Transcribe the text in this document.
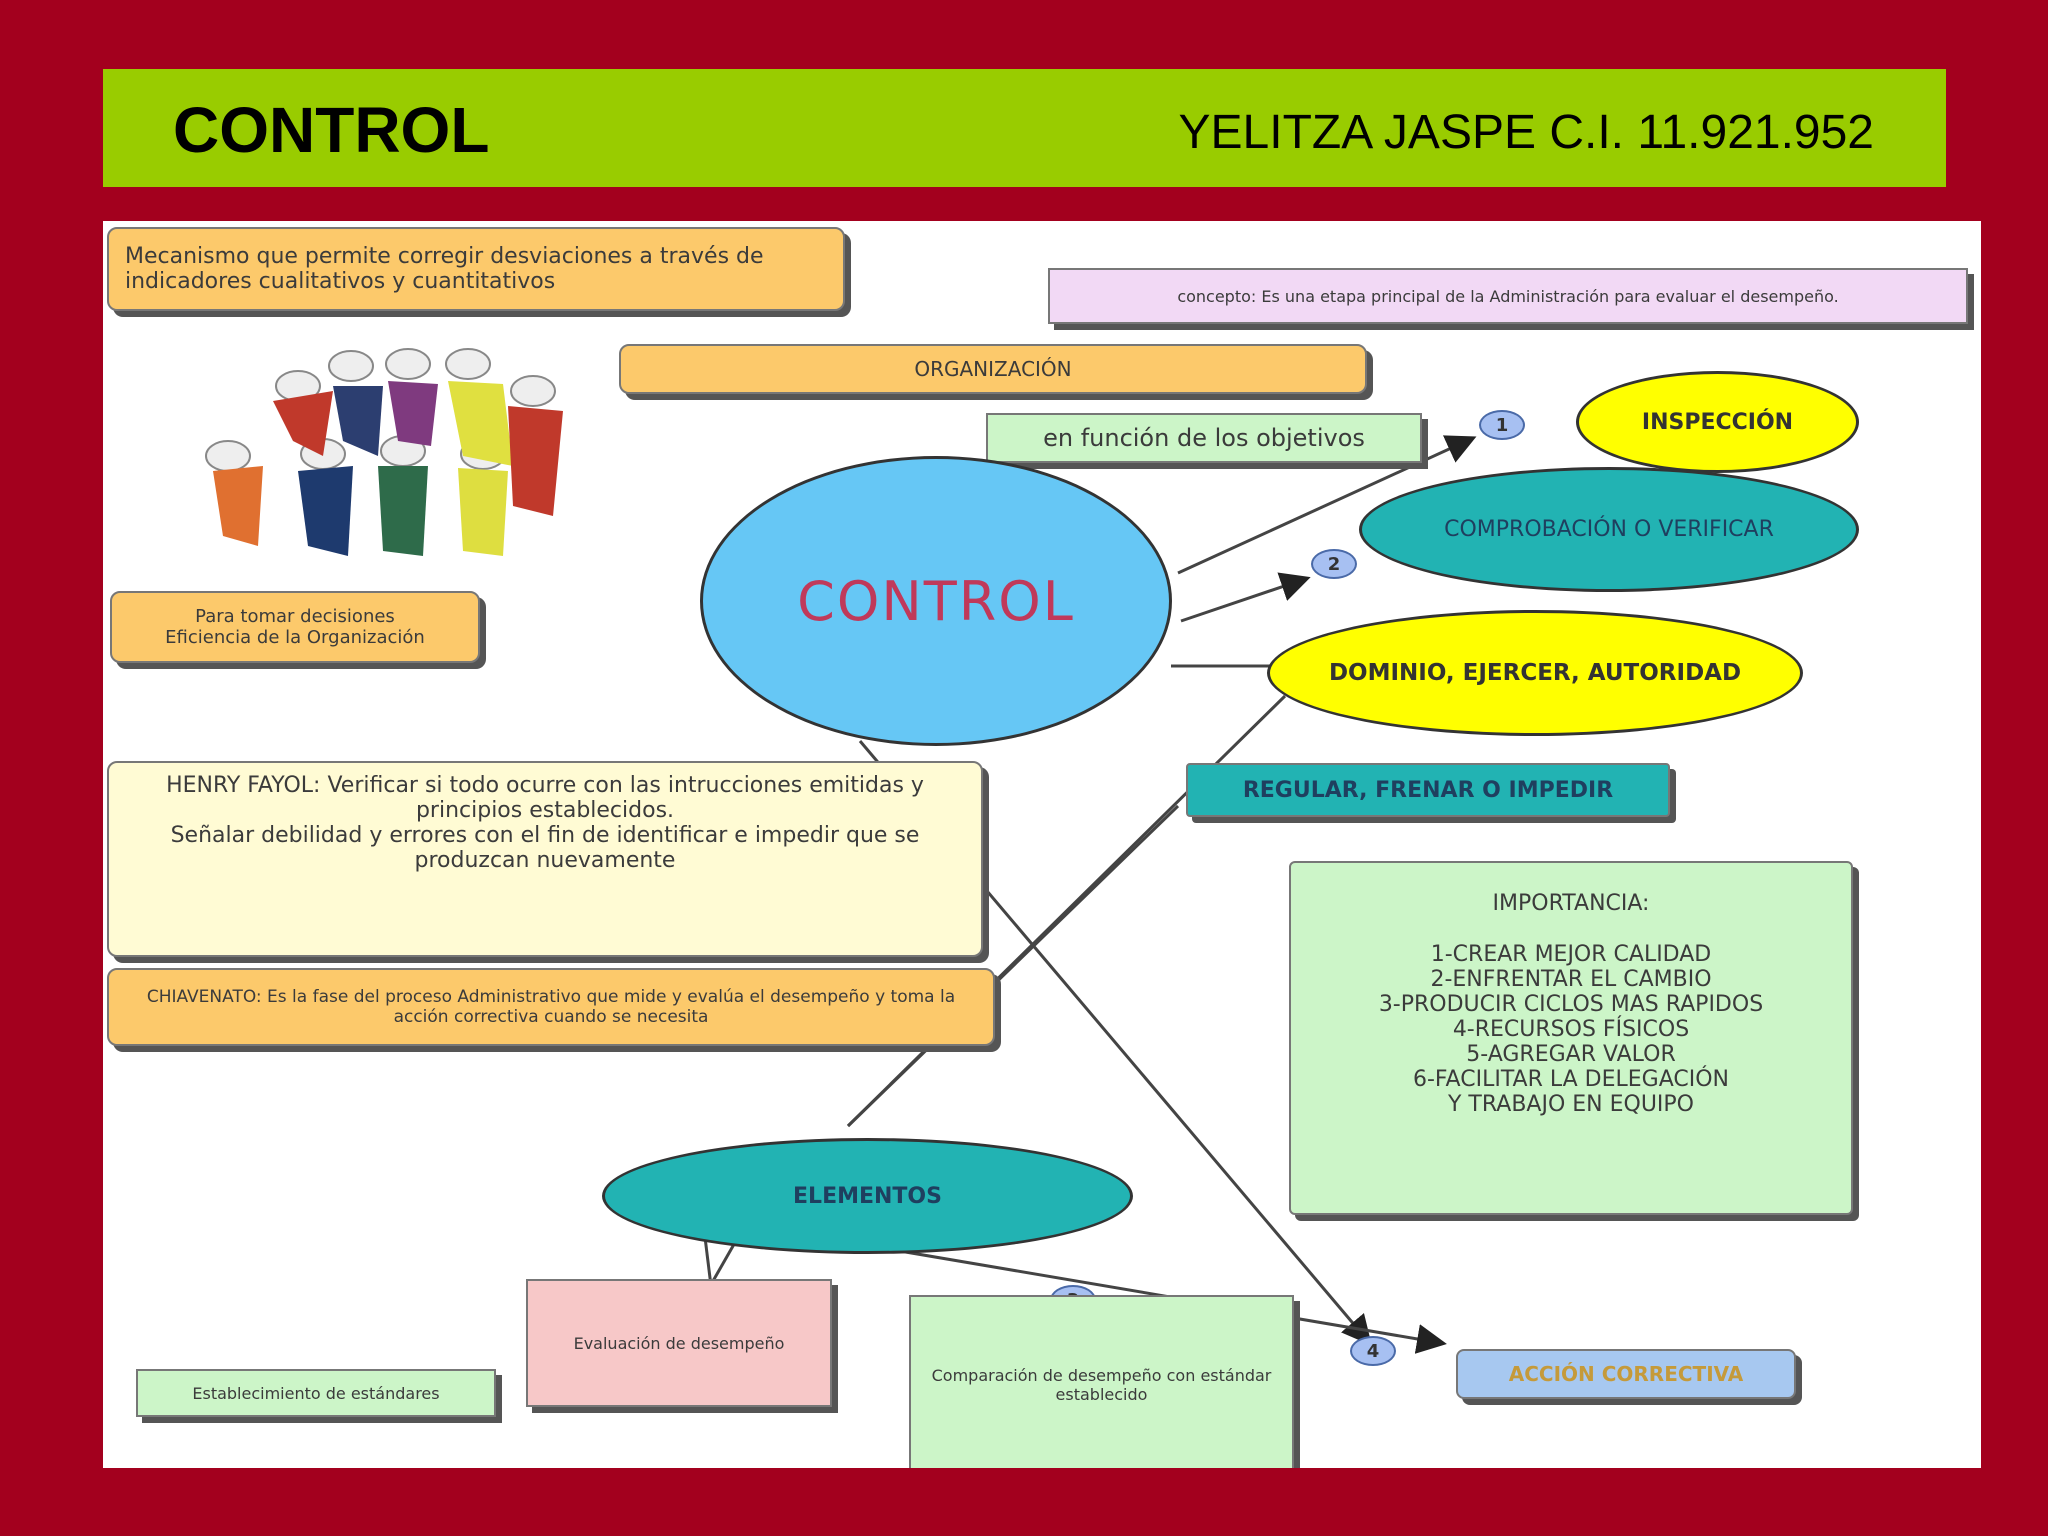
CONTROL	YELITZA JASPE C.I. 11.921.952
Mecanismo que permite corregir desviaciones a través de indicadores cualitativos y cuantitativos
concepto: Es una etapa principal de la Administración para evaluar el desempeño.
ORGANIZACIÓN
en función de los objetivos
Para tomar decisiones
Eficiencia de la Organización
CONTROL
INSPECCIÓN
COMPROBACIÓN O VERIFICAR
DOMINIO, EJERCER, AUTORIDAD
REGULAR, FRENAR O IMPEDIR
1
2
4
HENRY FAYOL: Verificar si todo ocurre con las intrucciones emitidas y principios establecidos.
Señalar debilidad y errores con el fin de identificar e impedir que se produzcan nuevamente
CHIAVENATO: Es la fase del proceso Administrativo que mide y evalúa el desempeño y toma la acción correctiva cuando se necesita
IMPORTANCIA:
1-CREAR MEJOR CALIDAD
2-ENFRENTAR EL CAMBIO
3-PRODUCIR CICLOS MAS RAPIDOS
4-RECURSOS FÍSICOS
5-AGREGAR VALOR
6-FACILITAR LA DELEGACIÓN
Y TRABAJO EN EQUIPO
ELEMENTOS
Evaluación de desempeño
Comparación de desempeño con estándar establecido
Establecimiento de estándares
ACCIÓN CORRECTIVA
